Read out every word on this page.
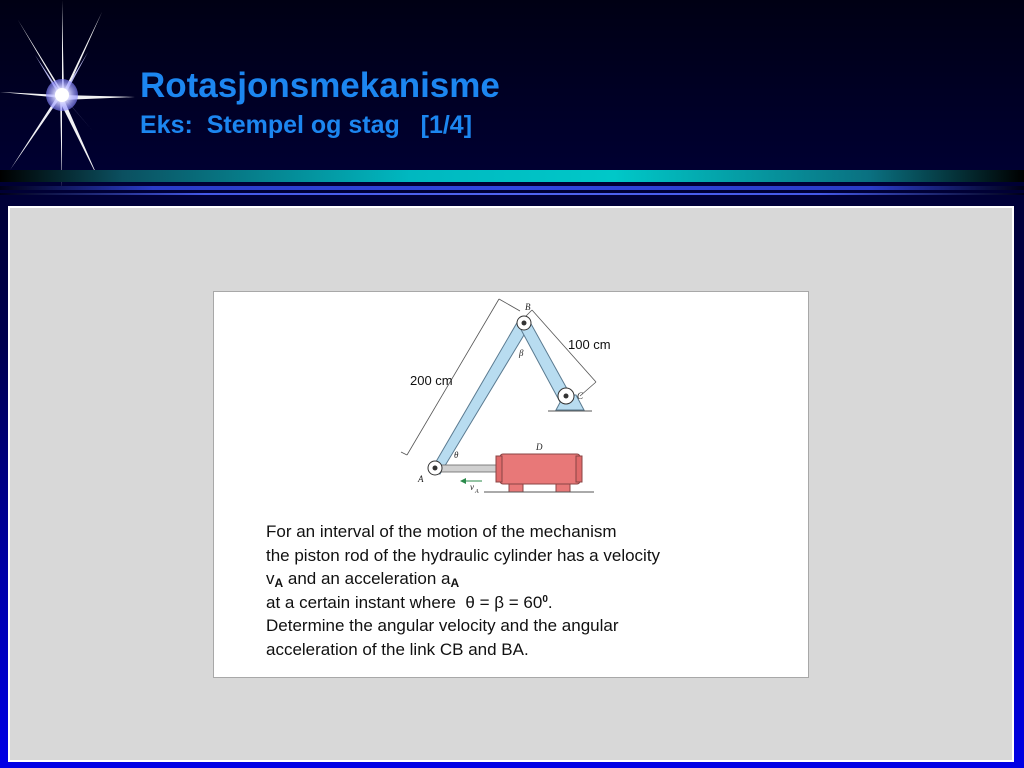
Rotasjonsmekanisme
Eks:  Stempel og stag   [1/4]
B
β
C
θ
D
A
v A
200 cm
100 cm
For an interval of the motion of the mechanism
the piston rod of the hydraulic cylinder has a velocity
$v_A$ and an acceleration $a_A$
at a certain instant where  $\theta = \beta = 60^0$.
Determine the angular velocity and the angular
acceleration of the link CB and BA.
